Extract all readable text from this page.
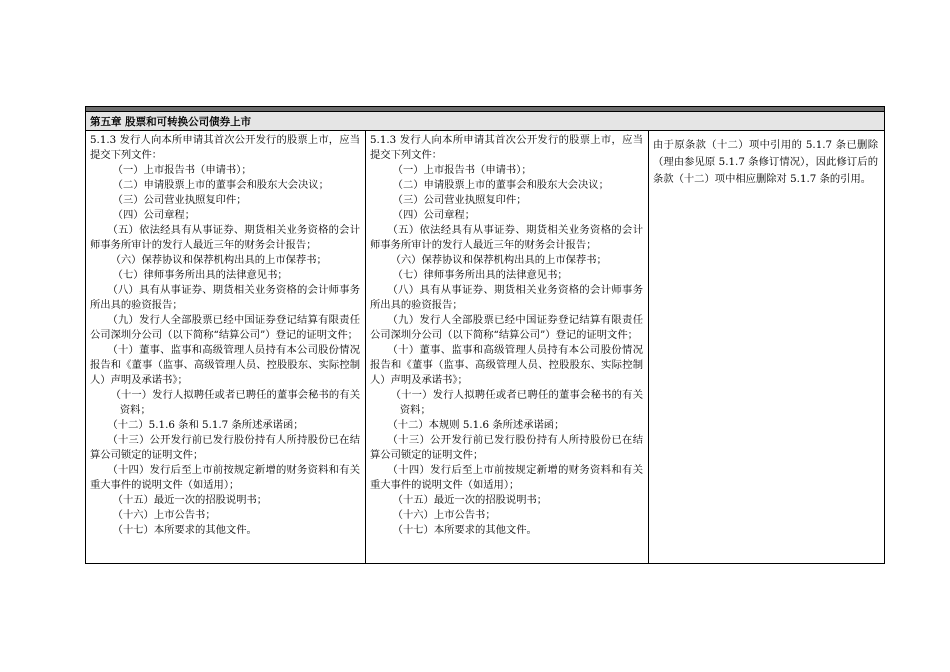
第五章 股票和可转换公司债券上市

5.1.3 发行人向本所申请其首次公开发行的股票上市，应当提交下列文件：

（一）上市报告书（申请书）；

（二）申请股票上市的董事会和股东大会决议；

（三）公司营业执照复印件；

（四）公司章程；

（五）依法经具有从事证券、期货相关业务资格的会计师事务所审计的发行人最近三年的财务会计报告；

（六）保荐协议和保荐机构出具的上市保荐书；

（七）律师事务所出具的法律意见书；

（八）具有从事证券、期货相关业务资格的会计师事务所出具的验资报告；

（九）发行人全部股票已经中国证券登记结算有限责任公司深圳分公司（以下简称“结算公司”）登记的证明文件；

（十）董事、监事和高级管理人员持有本公司股份情况报告和《董事（监事、高级管理人员、控股股东、实际控制人）声明及承诺书》；

（十一）发行人拟聘任或者已聘任的董事会秘书的有关资料；

（十二）5.1.6 条和 5.1.7 条所述承诺函；

（十三）公开发行前已发行股份持有人所持股份已在结算公司锁定的证明文件；

（十四）发行后至上市前按规定新增的财务资料和有关重大事件的说明文件（如适用）；

（十五）最近一次的招股说明书；

（十六）上市公告书；

（十七）本所要求的其他文件。

5.1.3 发行人向本所申请其首次公开发行的股票上市，应当提交下列文件：

（一）上市报告书（申请书）；

（二）申请股票上市的董事会和股东大会决议；

（三）公司营业执照复印件；

（四）公司章程；

（五）依法经具有从事证券、期货相关业务资格的会计师事务所审计的发行人最近三年的财务会计报告；

（六）保荐协议和保荐机构出具的上市保荐书；

（七）律师事务所出具的法律意见书；

（八）具有从事证券、期货相关业务资格的会计师事务所出具的验资报告；

（九）发行人全部股票已经中国证券登记结算有限责任公司深圳分公司（以下简称“结算公司”）登记的证明文件；

（十）董事、监事和高级管理人员持有本公司股份情况报告和《董事（监事、高级管理人员、控股股东、实际控制人）声明及承诺书》；

（十一）发行人拟聘任或者已聘任的董事会秘书的有关资料；

（十二）本规则 5.1.6 条所述承诺函；

（十三）公开发行前已发行股份持有人所持股份已在结算公司锁定的证明文件；

（十四）发行后至上市前按规定新增的财务资料和有关重大事件的说明文件（如适用）；

（十五）最近一次的招股说明书；

（十六）上市公告书；

（十七）本所要求的其他文件。

由于原条款（十二）项中引用的 5.1.7 条已删除（理由参见原 5.1.7 条修订情况），因此修订后的条款（十二）项中相应删除对 5.1.7 条的引用。
